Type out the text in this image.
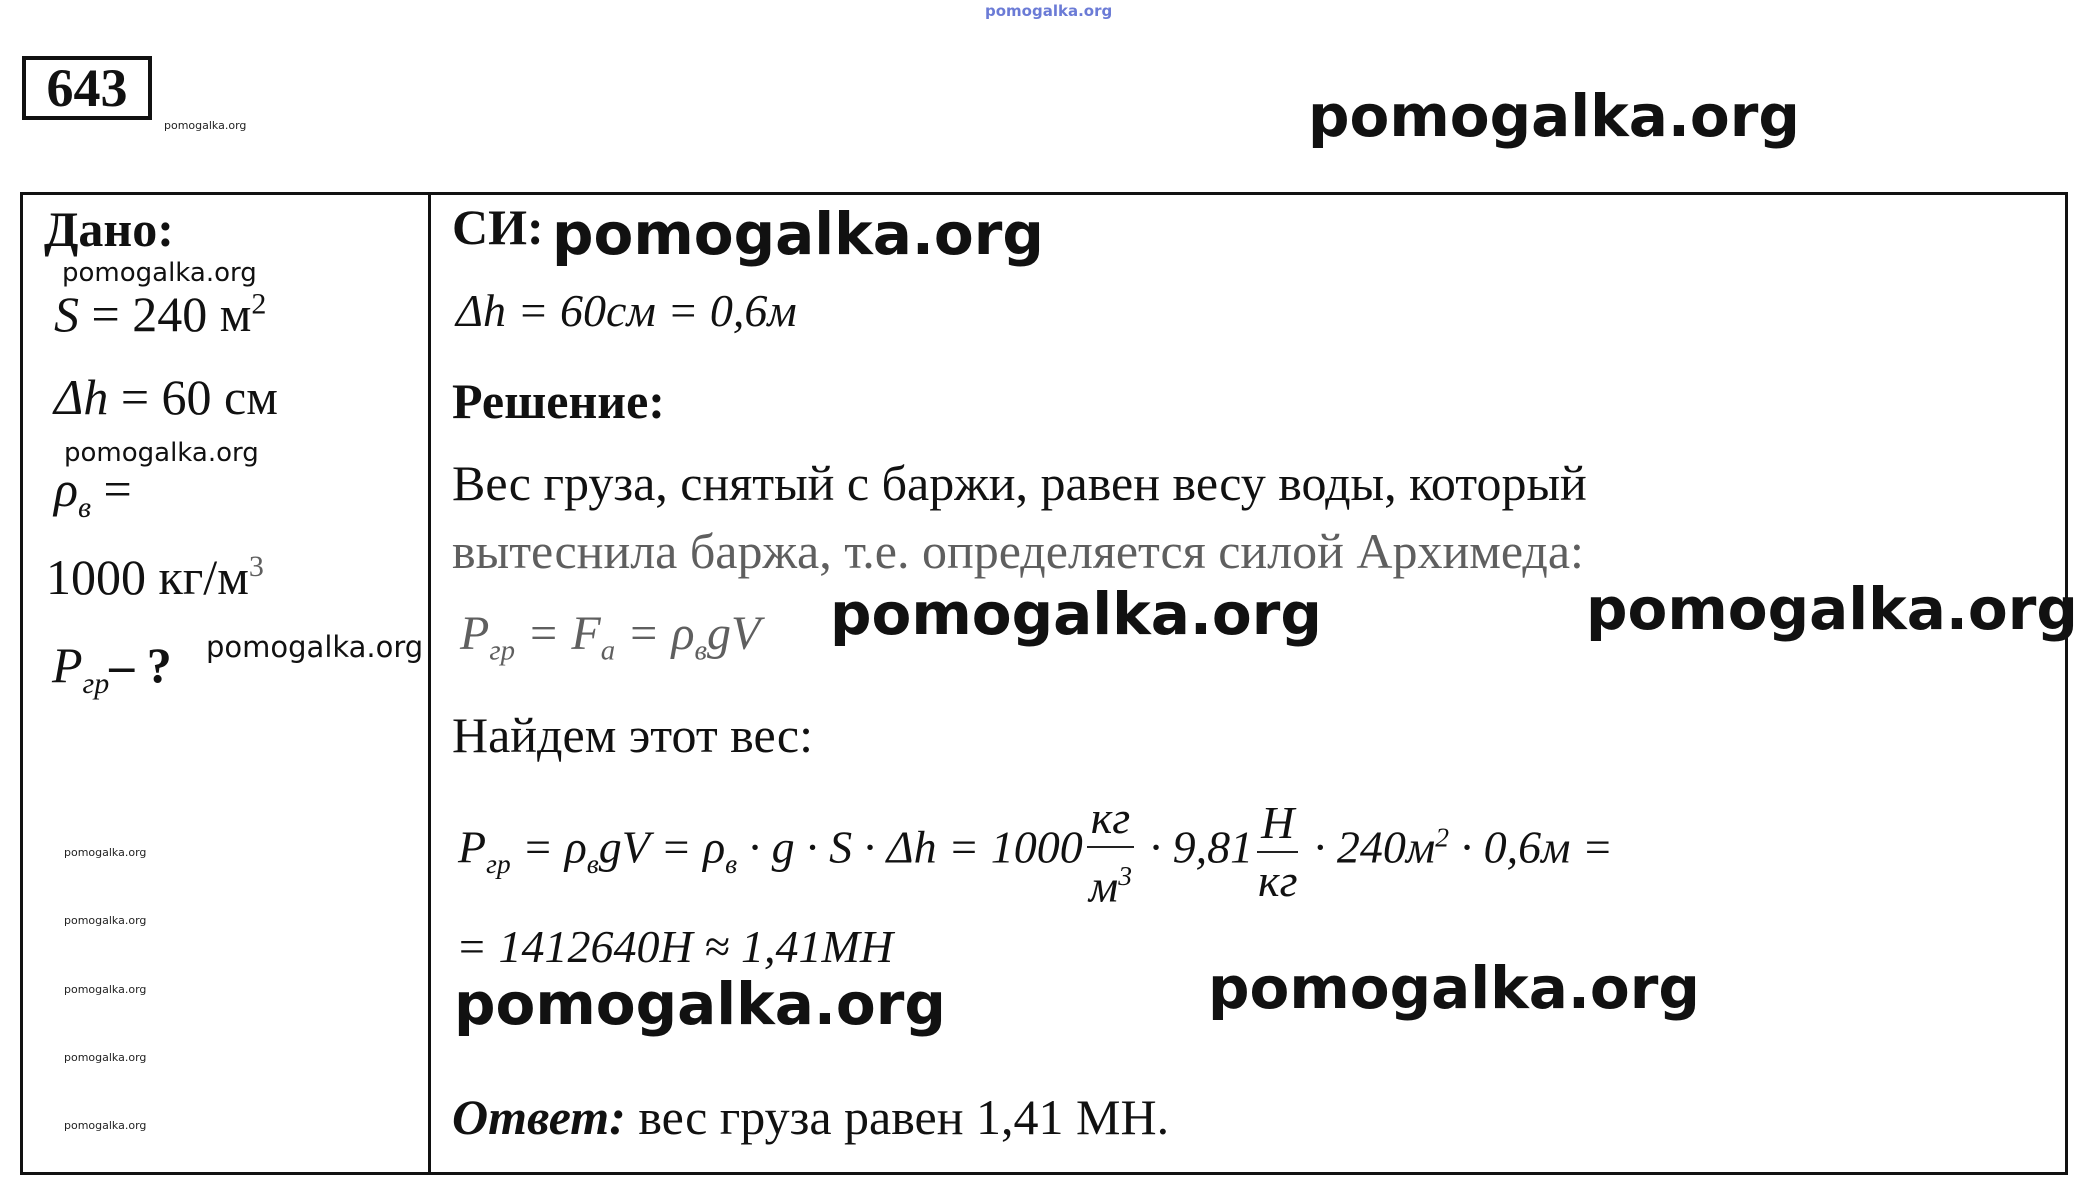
pomogalka.org
643
pomogalka.org	pomogalka.org
Дано:
pomogalka.org
S = 240 $м^2$
Δh = 60 см
pomogalka.org
$\rho_в$ =
1000 $кг/м^3$
$P_{гр}-$ ? pomogalka.org
pomogalka.org
pomogalka.org
pomogalka.org
pomogalka.org
pomogalka.org
СИ: pomogalka.org
Δh = 60см = 0,6м
Решение:
Вес груза, снятый с баржи, равен весу воды, который
вытеснила баржа, т.е. определяется силой Архимеда:
$P_{гр} = F_a = \rho_вgV$ pomogalka.org	pomogalka.org
Найдем этот вес:
$P_{гр} = \rho_вgV = \rho_в \cdot g \cdot S \cdot \Delta h = 1000 \frac{кг}{м^3} \cdot 9,81 \frac{Н}{кг} \cdot 240м^2 \cdot 0,6м$ =
= 1412640Н ≈ 1,41МН
pomogalka.org	pomogalka.org
Ответ: вес груза равен 1,41 МН.
